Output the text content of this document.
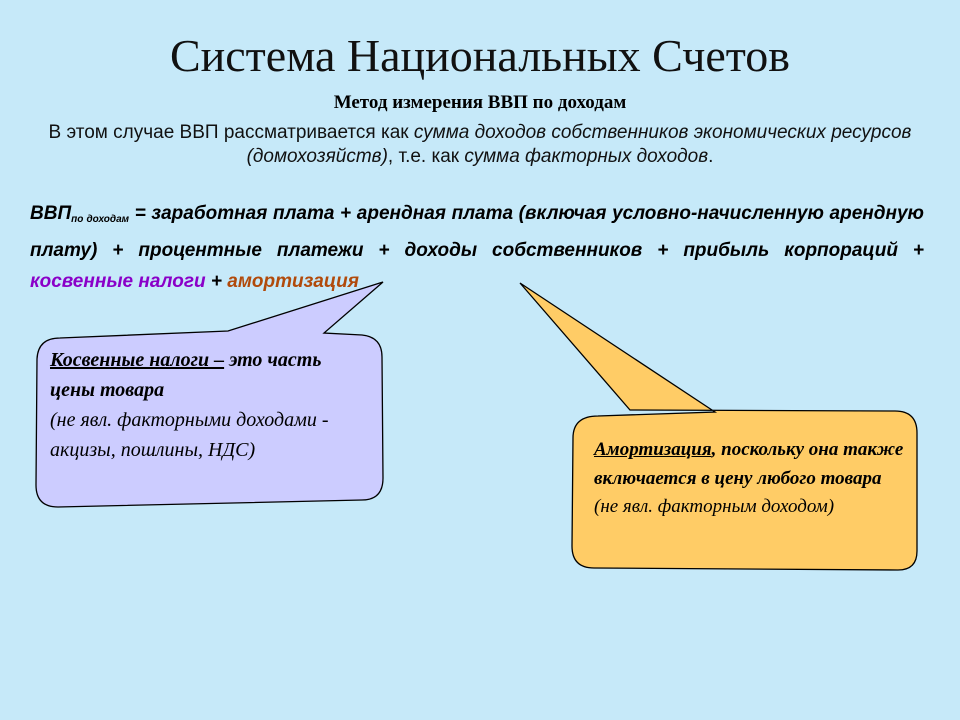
Система Национальных Счетов
Метод измерения ВВП по доходам
В этом случае ВВП рассматривается как сумма доходов собственников экономических ресурсов (домохозяйств), т.е. как сумма факторных доходов.
$ВВП_{по доходам}$ = заработная плата + арендная плата (включая условно-начисленную арендную плату) + процентные платежи + доходы собственников + прибыль корпораций + косвенные налоги + амортизация
Косвенные налоги – это часть цены товара
(не явл. факторными доходами - акцизы, пошлины, НДС)	Амортизация, поскольку она также включается в цену любого товара (не явл. факторным доходом)
